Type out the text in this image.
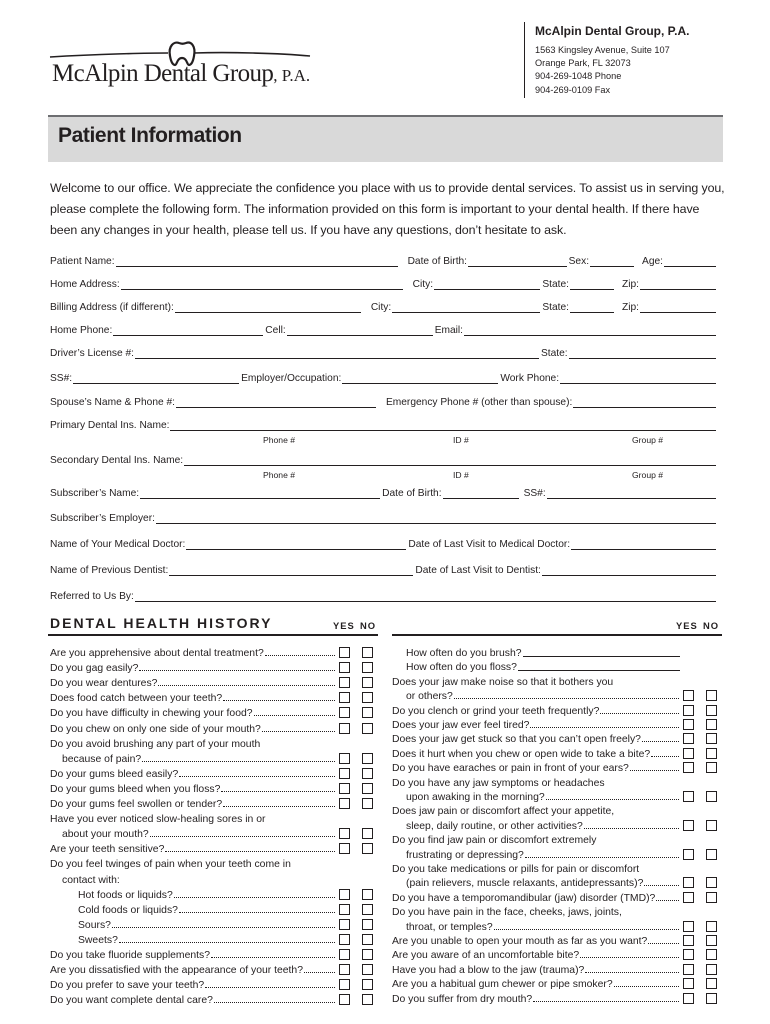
McAlpin Dental Group, P.A.
McAlpin Dental Group, P.A.
1563 Kingsley Avenue, Suite 107
Orange Park, FL 32073
904-269-1048 Phone
904-269-0109 Fax
Patient Information
Welcome to our office. We appreciate the confidence you place with us to provide dental services. To assist us in serving you, please complete the following form. The information provided on this form is important to your dental health. If there have been any changes in your health, please tell us. If you have any questions, don’t hesitate to ask.
Patient Name:	Date of Birth:	Sex:	Age:
Home Address:	City:	State:	Zip:
Billing Address (if different):	City:	State:	Zip:
Home Phone:	Cell:	Email:
Driver’s License #:	State:
SS#:	Employer/Occupation:	Work Phone:
Spouse’s Name & Phone #:	Emergency Phone # (other than spouse):
Primary Dental Ins. Name:
Phone #	ID #	Group #
Secondary Dental Ins. Name:
Phone #	ID #	Group #
Subscriber’s Name:	Date of Birth:	SS#:
Subscriber’s Employer:
Name of Your Medical Doctor:	Date of Last Visit to Medical Doctor:
Name of Previous Dentist:	Date of Last Visit to Dentist:
Referred to Us By:
DENTAL HEALTH HISTORY	YES NO	YES NO
Are you apprehensive about dental treatment?
Do you gag easily?
Do you wear dentures?
Does food catch between your teeth?
Do you have difficulty in chewing your food?
Do you chew on only one side of your mouth?
Do you avoid brushing any part of your mouth
because of pain?
Do your gums bleed easily?
Do your gums bleed when you floss?
Do your gums feel swollen or tender?
Have you ever noticed slow-healing sores in or
about your mouth?
Are your teeth sensitive?
Do you feel twinges of pain when your teeth come in
contact with:
Hot foods or liquids?
Cold foods or liquids?
Sours?
Sweets?
Do you take fluoride supplements?
Are you dissatisfied with the appearance of your teeth?
Do you prefer to save your teeth?
Do you want complete dental care?
How often do you brush?
How often do you floss?
Does your jaw make noise so that it bothers you
or others?
Do you clench or grind your teeth frequently?
Does your jaw ever feel tired?
Does your jaw get stuck so that you can’t open freely?
Does it hurt when you chew or open wide to take a bite?
Do you have earaches or pain in front of your ears?
Do you have any jaw symptoms or headaches
upon awaking in the morning?
Does jaw pain or discomfort affect your appetite,
sleep, daily routine, or other activities?
Do you find jaw pain or discomfort extremely
frustrating or depressing?
Do you take medications or pills for pain or discomfort
(pain relievers, muscle relaxants, antidepressants)?
Do you have a temporomandibular (jaw) disorder (TMD)?
Do you have pain in the face, cheeks, jaws, joints,
throat, or temples?
Are you unable to open your mouth as far as you want?
Are you aware of an uncomfortable bite?
Have you had a blow to the jaw (trauma)?
Are you a habitual gum chewer or pipe smoker?
Do you suffer from dry mouth?
